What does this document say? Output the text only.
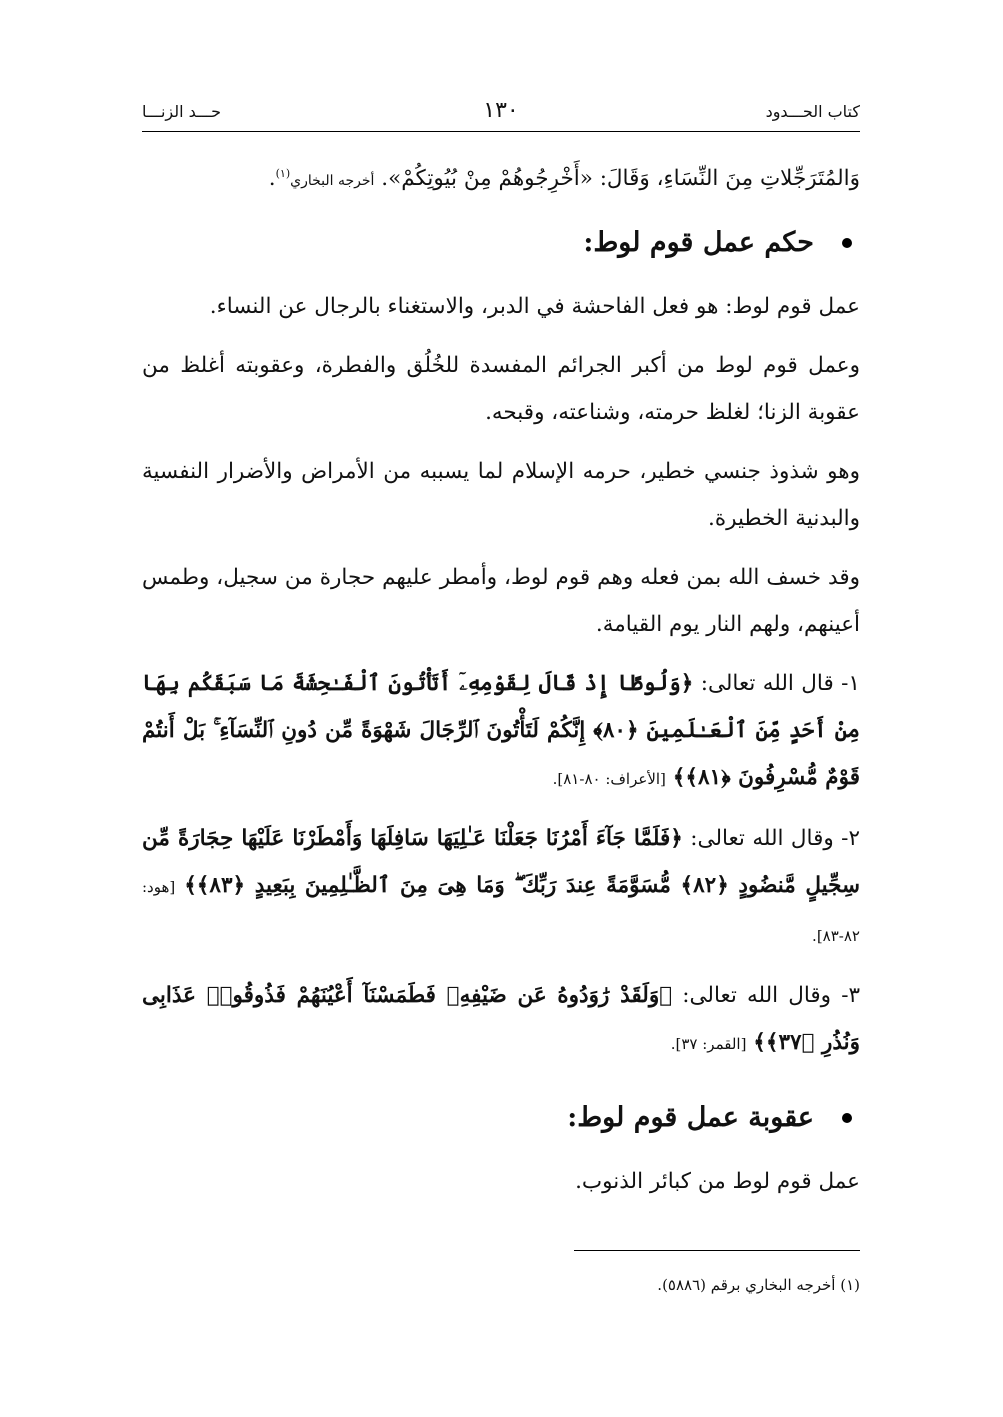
كتاب الحـــدود
١٣٠
حـــد الزنـــا

وَالمُتَرَجِّلاتِ مِنَ النِّسَاءِ، وَقَالَ: «أَخْرِجُوهُمْ مِنْ بُيُوتِكُمْ». أخرجه البخاري$^{(١)}$.

حكم عمل قوم لوط:

عمل قوم لوط: هو فعل الفاحشة في الدبر، والاستغناء بالرجال عن النساء.

وعمل قوم لوط من أكبر الجرائم المفسدة للخُلُق والفطرة، وعقوبته أغلظ من عقوبة الزنا؛ لغلظ حرمته، وشناعته، وقبحه.

وهو شذوذ جنسي خطير، حرمه الإسلام لما يسببه من الأمراض والأضرار النفسية والبدنية الخطيرة.

وقد خسف الله بمن فعله وهم قوم لوط، وأمطر عليهم حجارة من سجيل، وطمس أعينهم، ولهم النار يوم القيامة.

١- قال الله تعالى: ﴿وَلُوطًا إِذْ قَالَ لِقَوْمِهِۦٓ أَتَأْتُونَ ٱلْفَـٰحِشَةَ مَا سَبَقَكُم بِهَا مِنْ أَحَدٍ مِّنَ ٱلْعَـٰلَمِينَ ﴿٨٠﴾ إِنَّكُمْ لَتَأْتُونَ ٱلرِّجَالَ شَهْوَةً مِّن دُونِ ٱلنِّسَآءِ ۚ بَلْ أَنتُمْ قَوْمٌ مُّسْرِفُونَ ﴿٨١﴾﴾ [الأعراف: ٨٠-٨١].

٢- وقال الله تعالى: ﴿فَلَمَّا جَآءَ أَمْرُنَا جَعَلْنَا عَـٰلِيَهَا سَافِلَهَا وَأَمْطَرْنَا عَلَيْهَا حِجَارَةً مِّن سِجِّيلٍ مَّنضُودٍ ﴿٨٢﴾ مُّسَوَّمَةً عِندَ رَبِّكَ ۖ وَمَا هِىَ مِنَ ٱلظَّـٰلِمِينَ بِبَعِيدٍ ﴿٨٣﴾﴾ [هود: ٨٢-٨٣].

٣- وقال الله تعالى: ﴿وَلَقَدْ رَٰوَدُوهُ عَن ضَيْفِهِۦ فَطَمَسْنَآ أَعْيُنَهُمْ فَذُوقُوا۟ عَذَابِى وَنُذُرِ ﴿٣٧﴾﴾ [القمر: ٣٧].

عقوبة عمل قوم لوط:

عمل قوم لوط من كبائر الذنوب.

(١) أخرجه البخاري برقم (٥٨٨٦).
